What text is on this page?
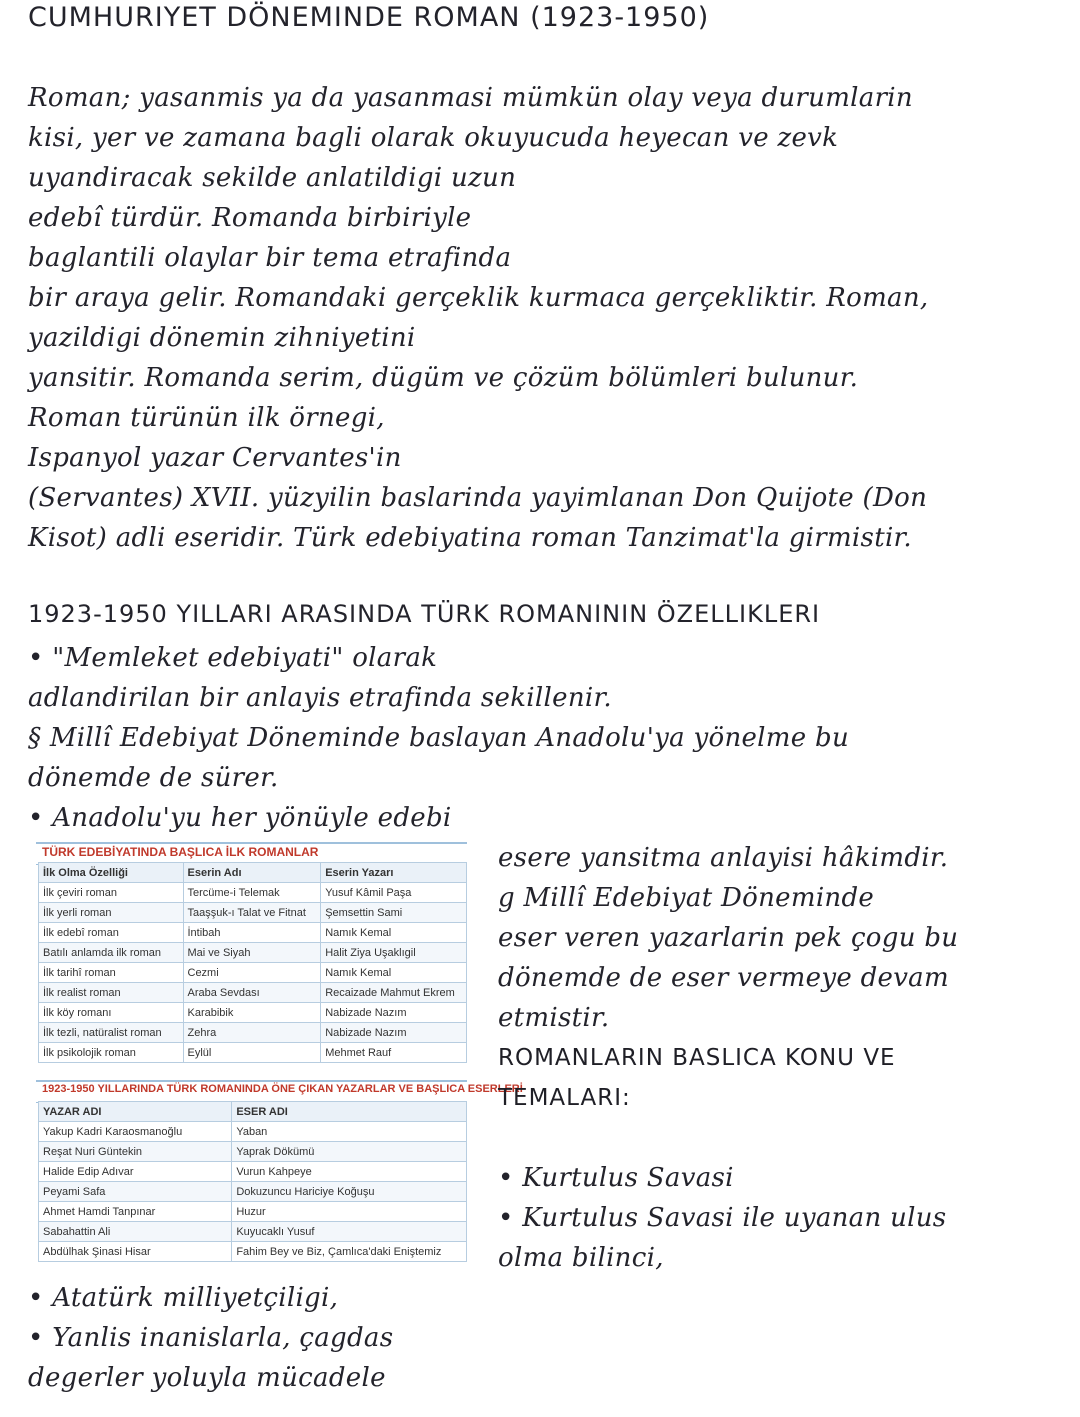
CUMHURIYET DÖNEMINDE ROMAN (1923-1950)
Roman; yasanmis ya da yasanmasi mümkün olay veya durumlarin
kisi, yer ve zamana bagli olarak okuyucuda heyecan ve zevk
uyandiracak sekilde anlatildigi uzun
edebî türdür. Romanda birbiriyle
baglantili olaylar bir tema etrafinda
bir araya gelir. Romandaki gerçeklik kurmaca gerçekliktir. Roman,
yazildigi dönemin zihniyetini
yansitir. Romanda serim, dügüm ve çözüm bölümleri bulunur.
Roman türünün ilk örnegi,
Ispanyol yazar Cervantes'in
(Servantes) XVII. yüzyilin baslarinda yayimlanan Don Quijote (Don
Kisot) adli eseridir. Türk edebiyatina roman Tanzimat'la girmistir.
1923-1950 YILLARI ARASINDA TÜRK ROMANININ ÖZELLIKLERI
• "Memleket edebiyati" olarak
adlandirilan bir anlayis etrafinda sekillenir.
§ Millî Edebiyat Döneminde baslayan Anadolu'ya yönelme bu
dönemde de sürer.
• Anadolu'yu her yönüyle edebi
TÜRK EDEBİYATINDA BAŞLICA İLK ROMANLAR
İlk Olma Özelliği	Eserin Adı	Eserin Yazarı
İlk çeviri roman	Tercüme-i Telemak	Yusuf Kâmil Paşa
İlk yerli roman	Taaşşuk-ı Talat ve Fitnat	Şemsettin Sami
İlk edebî roman	İntibah	Namık Kemal
Batılı anlamda ilk roman	Mai ve Siyah	Halit Ziya Uşaklıgil
İlk tarihî roman	Cezmi	Namık Kemal
İlk realist roman	Araba Sevdası	Recaizade Mahmut Ekrem
İlk köy romanı	Karabibik	Nabizade Nazım
İlk tezli, natüralist roman	Zehra	Nabizade Nazım
İlk psikolojik roman	Eylül	Mehmet Rauf
1923-1950 YILLARINDA TÜRK ROMANINDA ÖNE ÇIKAN YAZARLAR VE BAŞLICA ESERLERİ
YAZAR ADI	ESER ADI
Yakup Kadri Karaosmanoğlu	Yaban
Reşat Nuri Güntekin	Yaprak Dökümü
Halide Edip Adıvar	Vurun Kahpeye
Peyami Safa	Dokuzuncu Hariciye Koğuşu
Ahmet Hamdi Tanpınar	Huzur
Sabahattin Ali	Kuyucaklı Yusuf
Abdülhak Şinasi Hisar	Fahim Bey ve Biz, Çamlıca'daki Eniştemiz
esere yansitma anlayisi hâkimdir.
g Millî Edebiyat Döneminde
eser veren yazarlarin pek çogu bu
dönemde de eser vermeye devam
etmistir.
ROMANLARIN BASLICA KONU VE
TEMALARI:
• Kurtulus Savasi
• Kurtulus Savasi ile uyanan ulus
olma bilinci,
• Atatürk milliyetçiligi,
• Yanlis inanislarla, çagdas
degerler yoluyla mücadele
